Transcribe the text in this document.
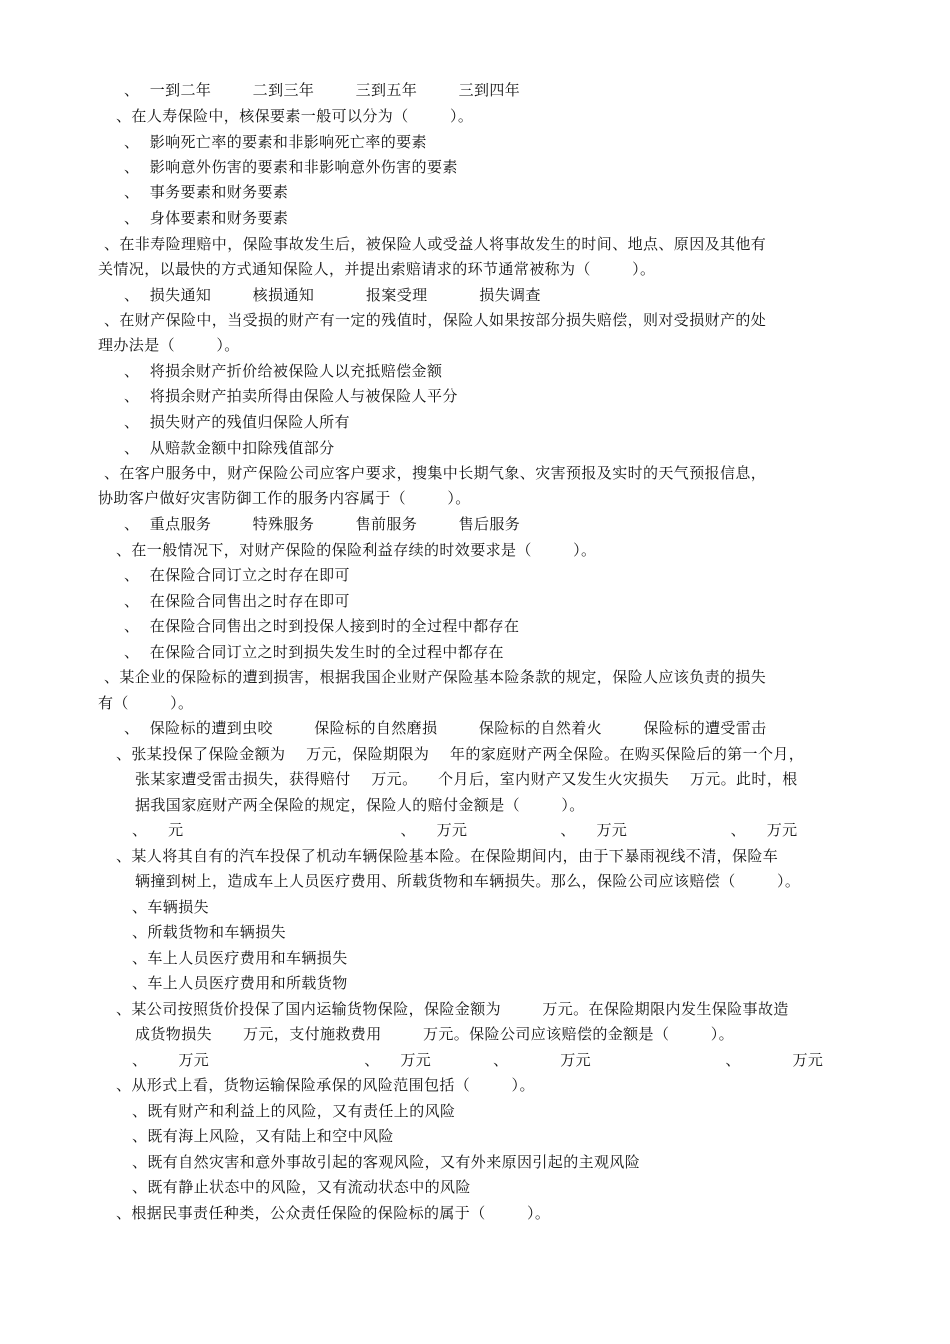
、  一到二年        二到三年        三到五年        三到四年
、在人寿保险中，核保要素一般可以分为（        ）。
、  影响死亡率的要素和非影响死亡率的要素
、  影响意外伤害的要素和非影响意外伤害的要素
、  事务要素和财务要素
、  身体要素和财务要素
、在非寿险理赔中，保险事故发生后，被保险人或受益人将事故发生的时间、地点、原因及其他有
关情况，以最快的方式通知保险人，并提出索赔请求的环节通常被称为（        ）。
、  损失通知        核损通知          报案受理          损失调查
、在财产保险中，当受损的财产有一定的残值时，保险人如果按部分损失赔偿，则对受损财产的处
理办法是（        ）。
、  将损余财产折价给被保险人以充抵赔偿金额
、  将损余财产拍卖所得由保险人与被保险人平分
、  损失财产的残值归保险人所有
、  从赔款金额中扣除残值部分
、在客户服务中，财产保险公司应客户要求，搜集中长期气象、灾害预报及实时的天气预报信息，
协助客户做好灾害防御工作的服务内容属于（        ）。
、  重点服务        特殊服务        售前服务        售后服务
、在一般情况下，对财产保险的保险利益存续的时效要求是（        ）。
、  在保险合同订立之时存在即可
、  在保险合同售出之时存在即可
、  在保险合同售出之时到投保人接到时的全过程中都存在
、  在保险合同订立之时到损失发生时的全过程中都存在
、某企业的保险标的遭到损害，根据我国企业财产保险基本险条款的规定，保险人应该负责的损失
有（        ）。
、  保险标的遭到虫咬        保险标的自然磨损        保险标的自然着火        保险标的遭受雷击
、张某投保了保险金额为    万元，保险期限为    年的家庭财产两全保险。在购买保险后的第一个月，
张某家遭受雷击损失，获得赔付    万元。    个月后，室内财产又发生火灾损失    万元。此时，根
据我国家庭财产两全保险的规定，保险人的赔付金额是（        ）。
、    元                                          、    万元                  、    万元                    、    万元
、某人将其自有的汽车投保了机动车辆保险基本险。在保险期间内，由于下暴雨视线不清，保险车
辆撞到树上，造成车上人员医疗费用、所载货物和车辆损失。那么，保险公司应该赔偿（        ）。
、车辆损失
、所载货物和车辆损失
、车上人员医疗费用和车辆损失
、车上人员医疗费用和所载货物
、某公司按照货价投保了国内运输货物保险，保险金额为        万元。在保险期限内发生保险事故造
成货物损失      万元，支付施救费用        万元。保险公司应该赔偿的金额是（        ）。
、      万元                              、    万元            、          万元                          、          万元
、从形式上看，货物运输保险承保的风险范围包括（        ）。
、既有财产和利益上的风险，又有责任上的风险
、既有海上风险，又有陆上和空中风险
、既有自然灾害和意外事故引起的客观风险，又有外来原因引起的主观风险
、既有静止状态中的风险，又有流动状态中的风险
、根据民事责任种类，公众责任保险的保险标的属于（        ）。
